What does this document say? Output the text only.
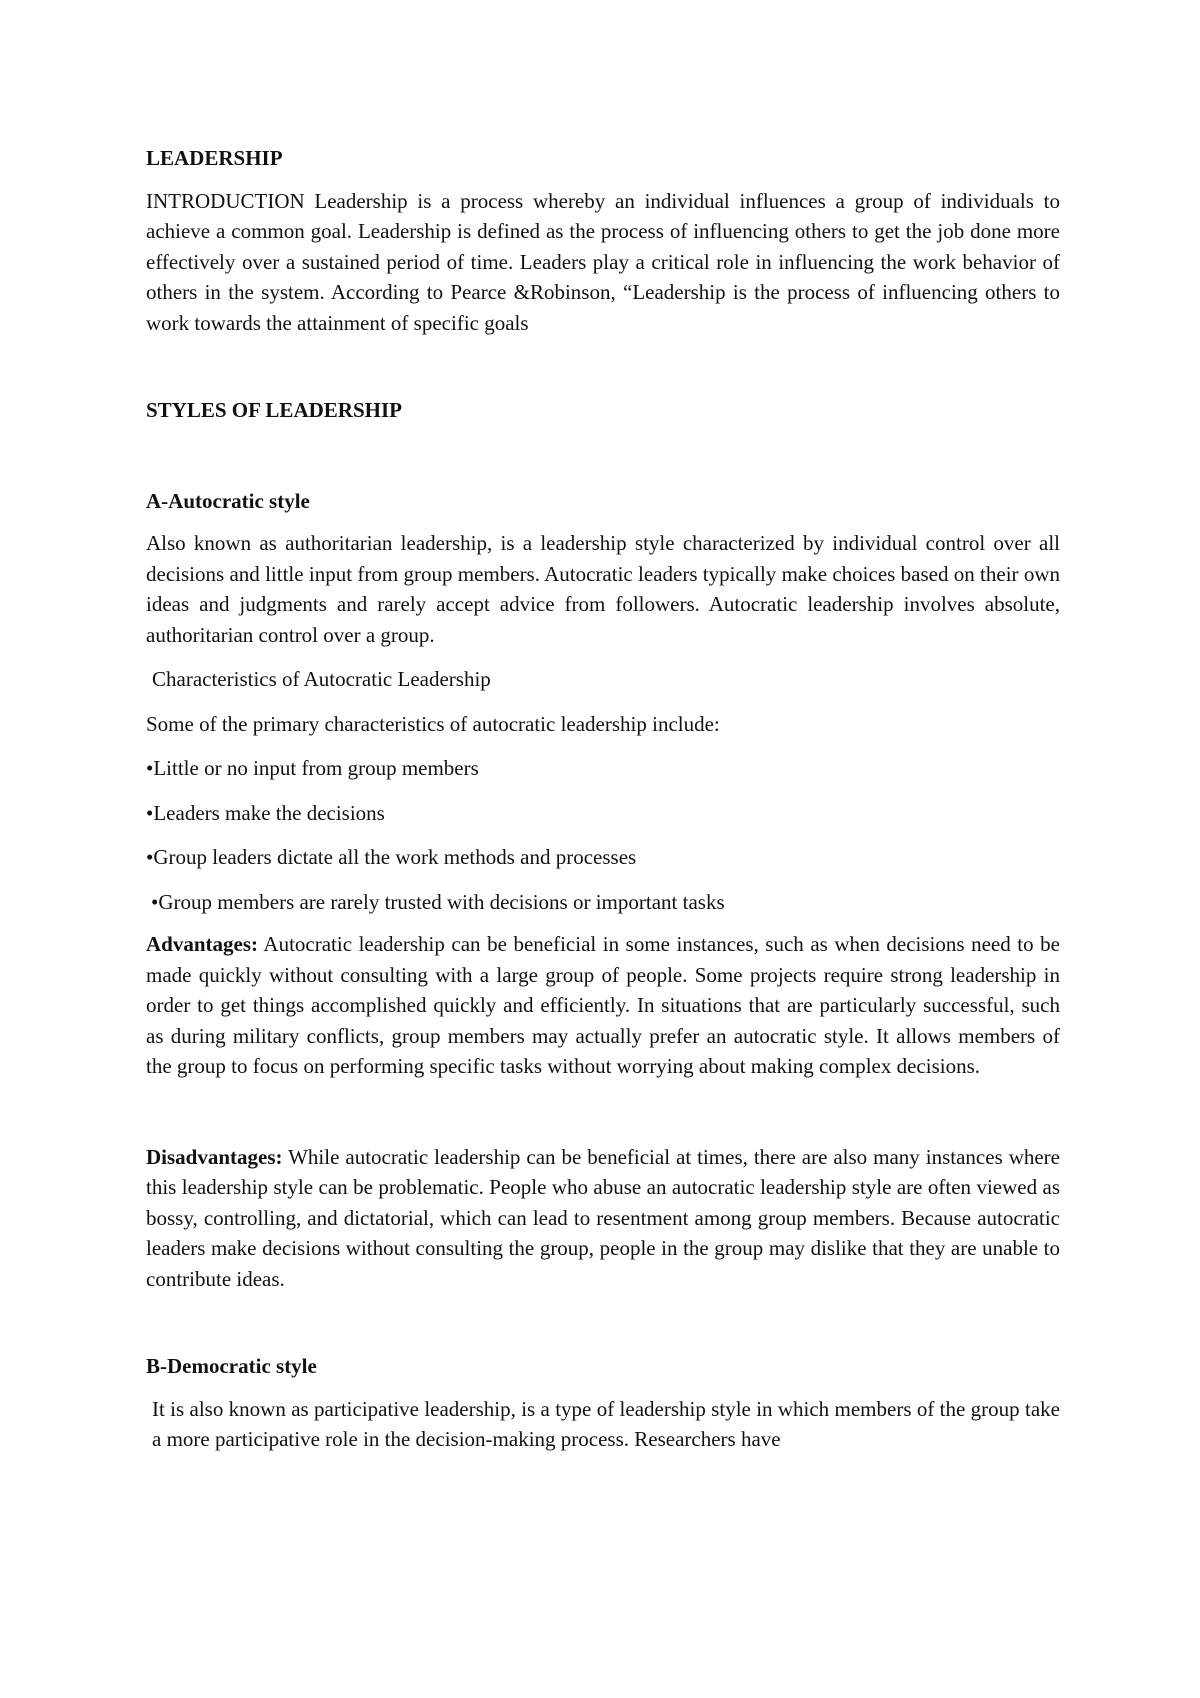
LEADERSHIP

INTRODUCTION Leadership is a process whereby an individual influences a group of individuals to achieve a common goal. Leadership is defined as the process of influencing others to get the job done more effectively over a sustained period of time. Leaders play a critical role in influencing the work behavior of others in the system. According to Pearce &Robinson, “Leadership is the process of influencing others to work towards the attainment of specific goals

STYLES OF LEADERSHIP

A-Autocratic style

Also known as authoritarian leadership, is a leadership style characterized by individual control over all decisions and little input from group members. Autocratic leaders typically make choices based on their own ideas and judgments and rarely accept advice from followers. Autocratic leadership involves absolute, authoritarian control over a group.

Characteristics of Autocratic Leadership

Some of the primary characteristics of autocratic leadership include:

•Little or no input from group members

•Leaders make the decisions

•Group leaders dictate all the work methods and processes

•Group members are rarely trusted with decisions or important tasks

Advantages: Autocratic leadership can be beneficial in some instances, such as when decisions need to be made quickly without consulting with a large group of people. Some projects require strong leadership in order to get things accomplished quickly and efficiently. In situations that are particularly successful, such as during military conflicts, group members may actually prefer an autocratic style. It allows members of the group to focus on performing specific tasks without worrying about making complex decisions.

Disadvantages: While autocratic leadership can be beneficial at times, there are also many instances where this leadership style can be problematic. People who abuse an autocratic leadership style are often viewed as bossy, controlling, and dictatorial, which can lead to resentment among group members. Because autocratic leaders make decisions without consulting the group, people in the group may dislike that they are unable to contribute ideas.

B-Democratic style

It is also known as participative leadership, is a type of leadership style in which members of the group take a more participative role in the decision-making process. Researchers have
